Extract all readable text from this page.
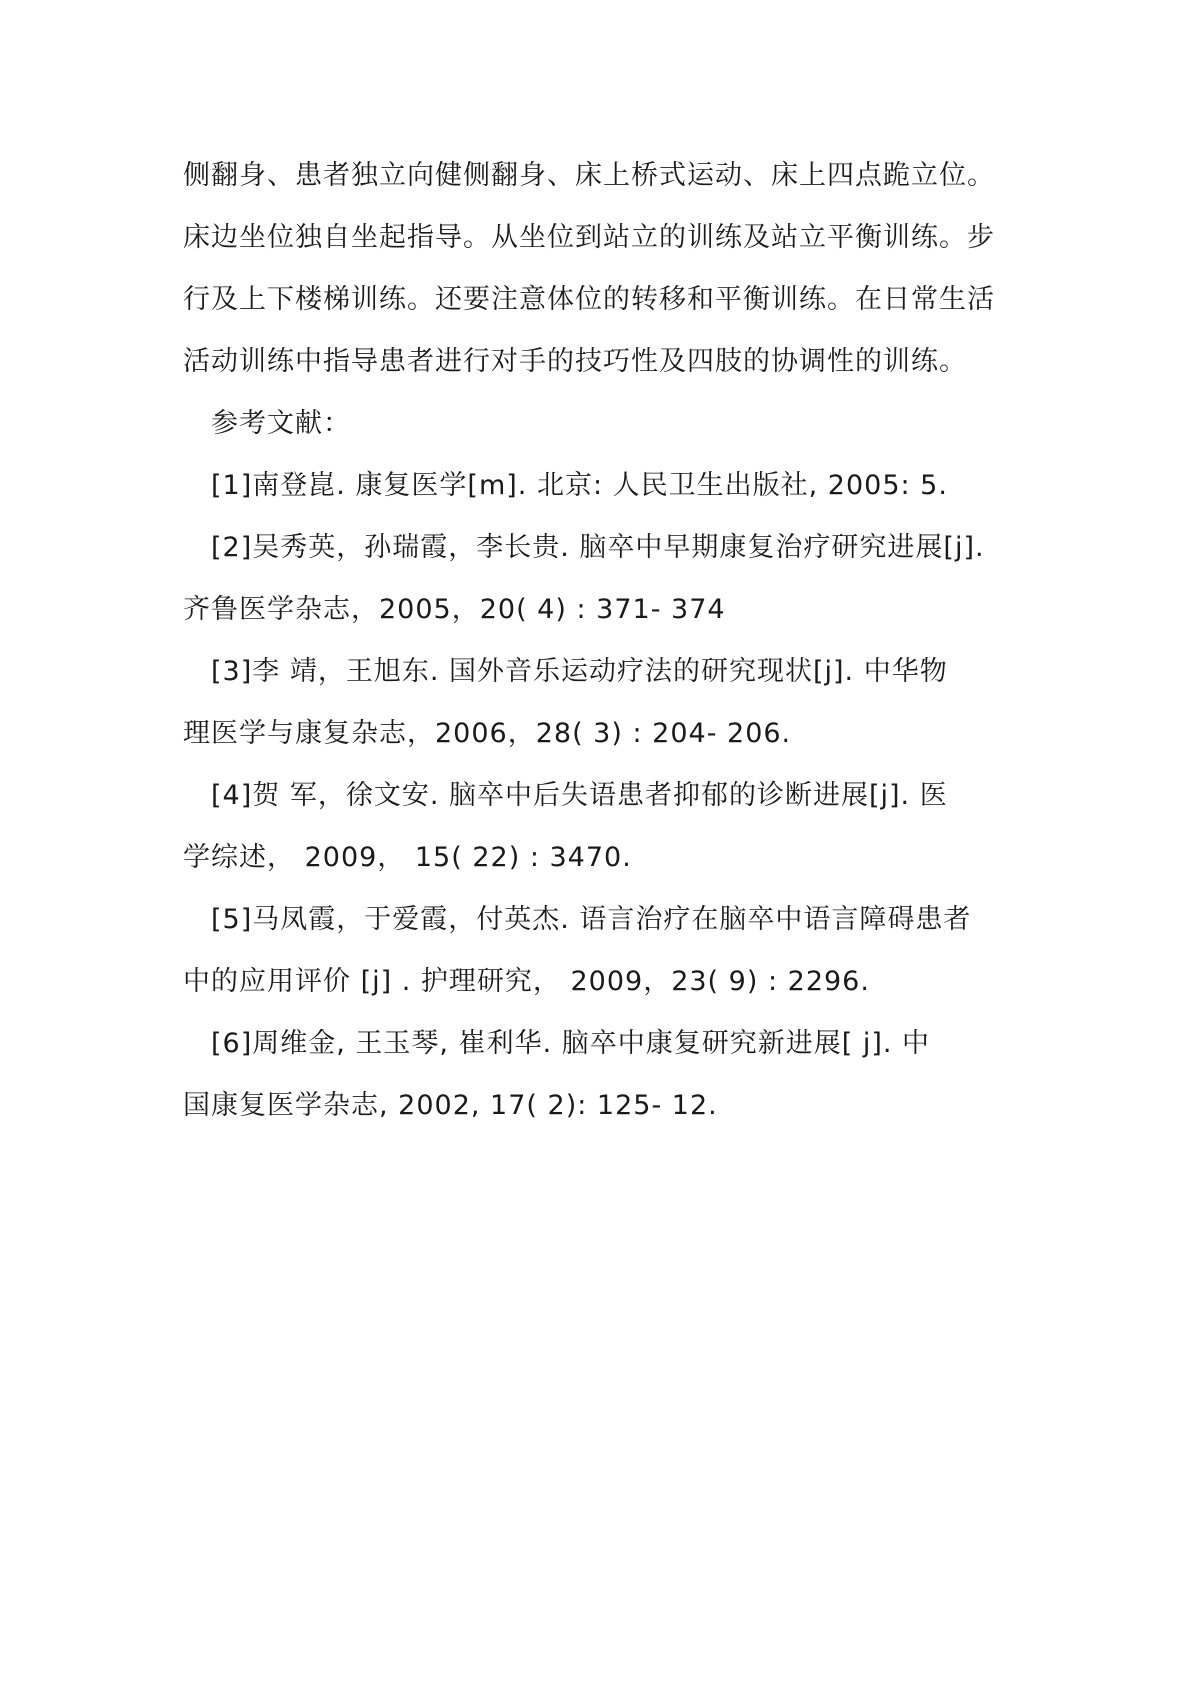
侧翻身、患者独立向健侧翻身、床上桥式运动、床上四点跪立位。
床边坐位独自坐起指导。从坐位到站立的训练及站立平衡训练。步
行及上下楼梯训练。还要注意体位的转移和平衡训练。在日常生活
活动训练中指导患者进行对手的技巧性及四肢的协调性的训练。
参考文献：
[1]南登崑. 康复医学[m]. 北京: 人民卫生出版社, 2005: 5.
[2]吴秀英，孙瑞霞，李长贵. 脑卒中早期康复治疗研究进展[j].
齐鲁医学杂志，2005，20( 4) : 371- 374
[3]李 靖，王旭东. 国外音乐运动疗法的研究现状[j]. 中华物
理医学与康复杂志，2006，28( 3) : 204- 206.
[4]贺 军，徐文安. 脑卒中后失语患者抑郁的诊断进展[j]. 医
学综述， 2009， 15( 22) : 3470.
[5]马凤霞，于爱霞，付英杰. 语言治疗在脑卒中语言障碍患者
中的应用评价 [j] . 护理研究， 2009，23( 9) : 2296.
[6]周维金, 王玉琴, 崔利华. 脑卒中康复研究新进展[ j]. 中
国康复医学杂志, 2002, 17( 2): 125- 12.
